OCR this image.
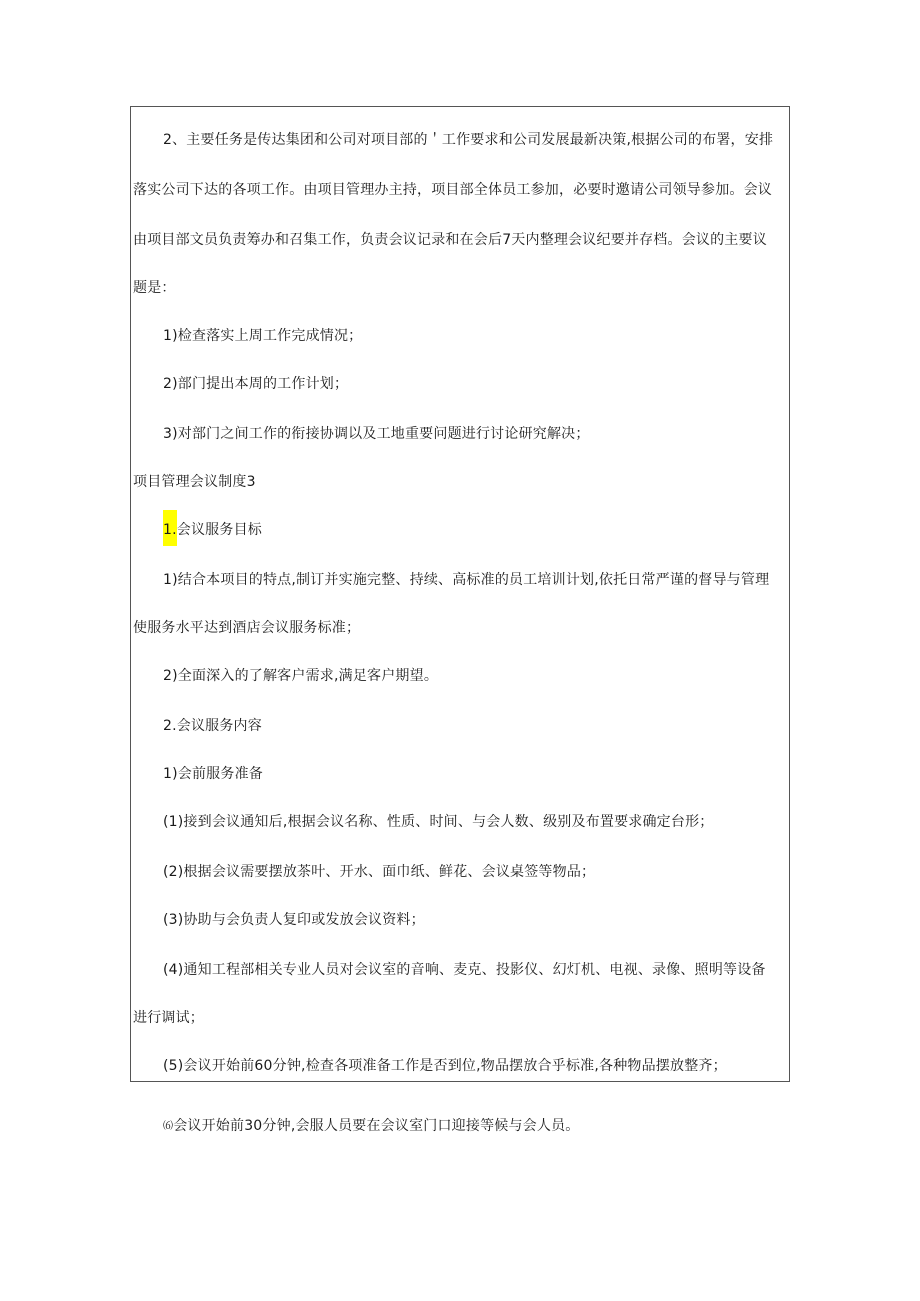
2、主要任务是传达集团和公司对项目部的＇工作要求和公司发展最新决策,根据公司的布署，安排
落实公司下达的各项工作。由项目管理办主持，项目部全体员工参加，必要时邀请公司领导参加。会议
由项目部文员负责筹办和召集工作，负责会议记录和在会后7天内整理会议纪要并存档。会议的主要议
题是：
1)检查落实上周工作完成情况；
2)部门提出本周的工作计划；
3)对部门之间工作的衔接协调以及工地重要问题进行讨论研究解决；
项目管理会议制度3
1.会议服务目标
1)结合本项目的特点,制订并实施完整、持续、高标准的员工培训计划,依托日常严谨的督导与管理
使服务水平达到酒店会议服务标准；
2)全面深入的了解客户需求,满足客户期望。
2.会议服务内容
1)会前服务准备
(1)接到会议通知后,根据会议名称、性质、时间、与会人数、级别及布置要求确定台形；
(2)根据会议需要摆放茶叶、开水、面巾纸、鲜花、会议桌签等物品；
(3)协助与会负责人复印或发放会议资料；
(4)通知工程部相关专业人员对会议室的音响、麦克、投影仪、幻灯机、电视、录像、照明等设备
进行调试；
(5)会议开始前60分钟,检查各项准备工作是否到位,物品摆放合乎标准,各种物品摆放整齐；
⑹会议开始前30分钟,会服人员要在会议室门口迎接等候与会人员。
